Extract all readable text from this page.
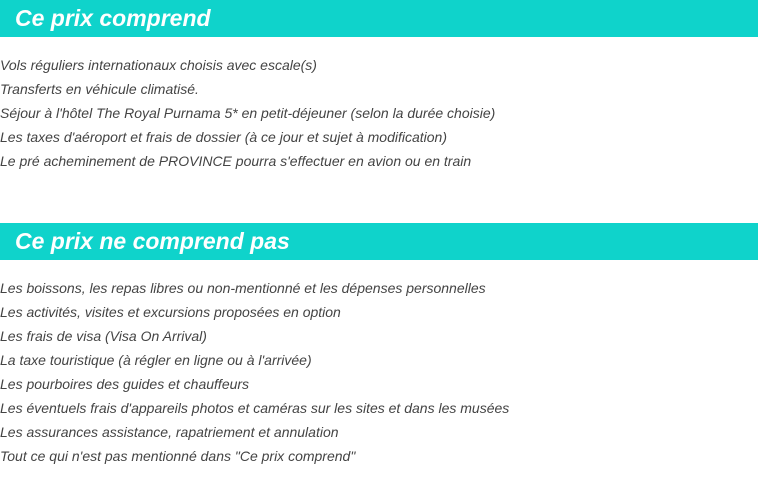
Ce prix comprend
Vols réguliers internationaux choisis avec escale(s)
Transferts en véhicule climatisé.
Séjour à l'hôtel The Royal Purnama 5* en petit-déjeuner (selon la durée choisie)
Les taxes d'aéroport et frais de dossier (à ce jour et sujet à modification)
Le pré acheminement de PROVINCE pourra s'effectuer en avion ou en train
Ce prix ne comprend pas
Les boissons, les repas libres ou non-mentionné et les dépenses personnelles
Les activités, visites et excursions proposées en option
Les frais de visa (Visa On Arrival)
La taxe touristique (à régler en ligne ou à l'arrivée)
Les pourboires des guides et chauffeurs
Les éventuels frais d'appareils photos et caméras sur les sites et dans les musées
Les assurances assistance, rapatriement et annulation
Tout ce qui n'est pas mentionné dans "Ce prix comprend"
